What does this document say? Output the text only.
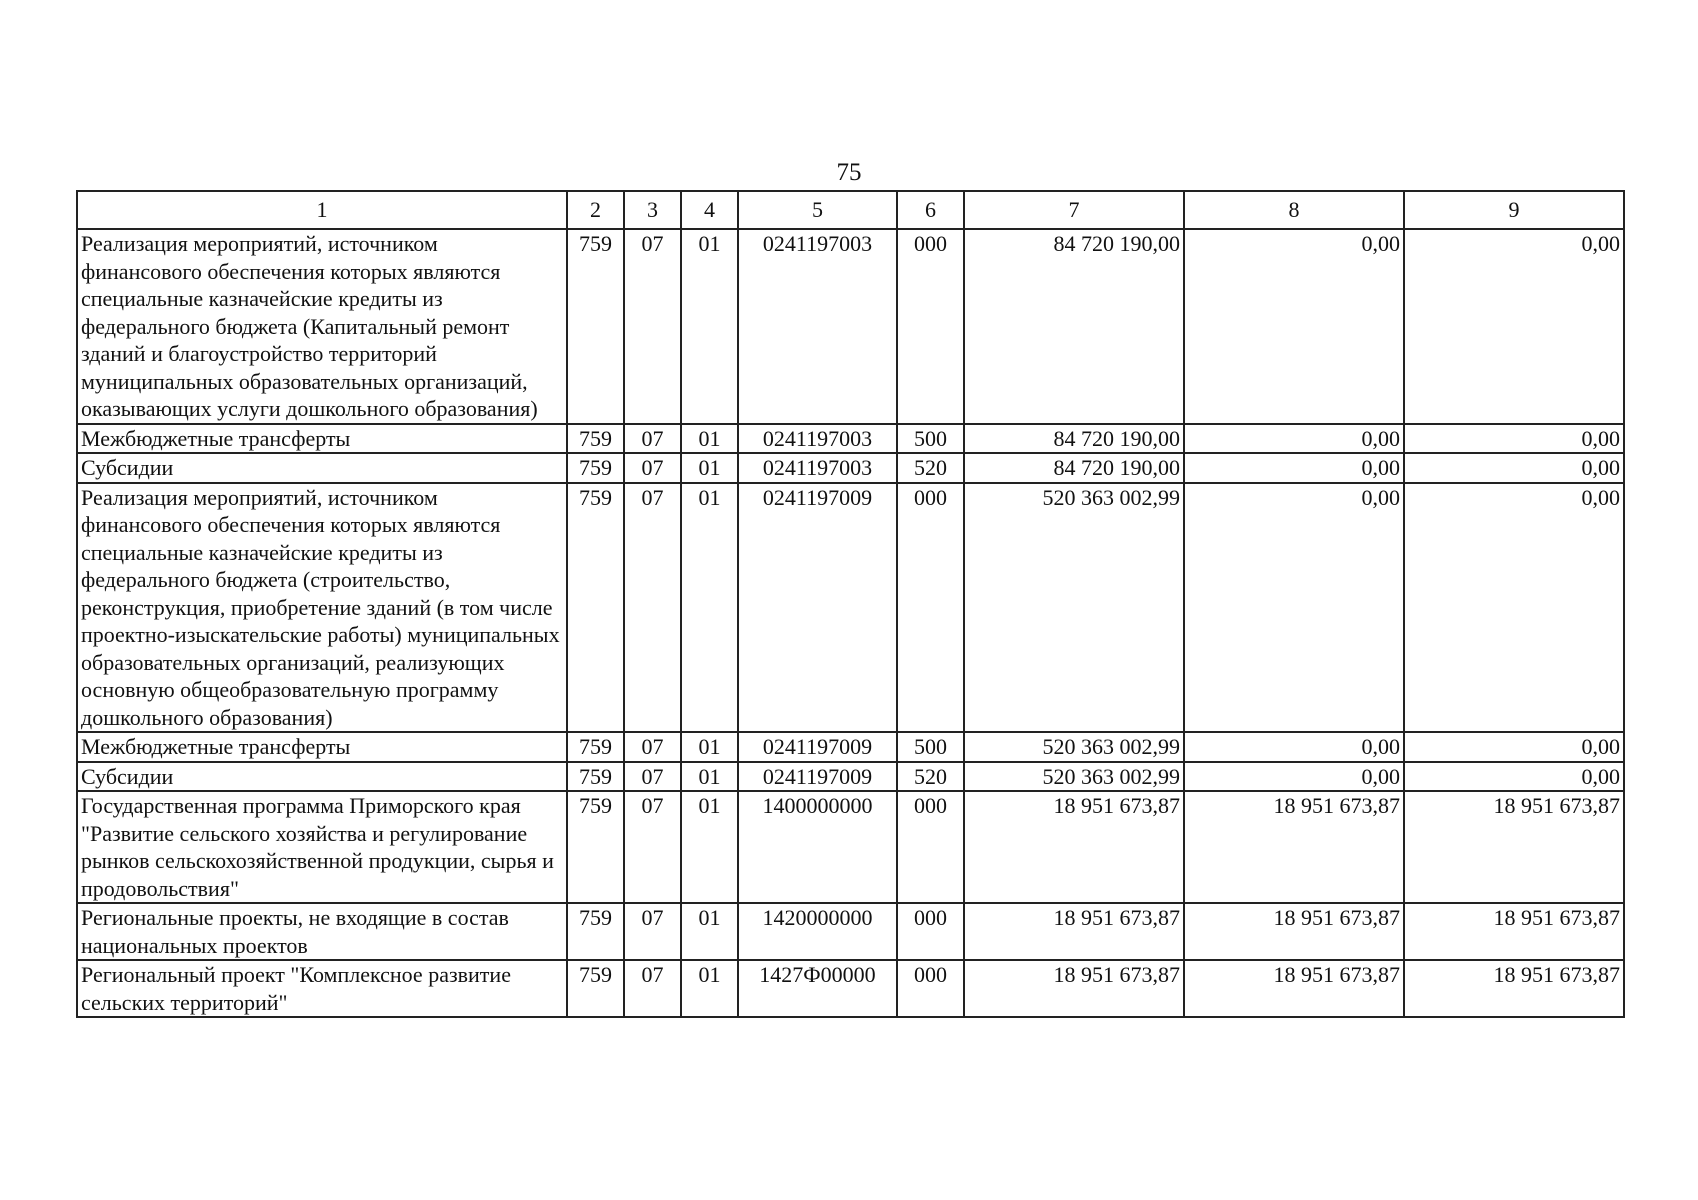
75
1	2	3	4	5	6	7	8	9
Реализация мероприятий, источником финансового обеспечения которых являются специальные казначейские кредиты из федерального бюджета (Капитальный ремонт зданий и благоустройство территорий муниципальных образовательных организаций, оказывающих услуги дошкольного образования)	759	07	01	0241197003	000	84 720 190,00	0,00	0,00
Межбюджетные трансферты	759	07	01	0241197003	500	84 720 190,00	0,00	0,00
Субсидии	759	07	01	0241197003	520	84 720 190,00	0,00	0,00
Реализация мероприятий, источником финансового обеспечения которых являются специальные казначейские кредиты из федерального бюджета (строительство, реконструкция, приобретение зданий (в том числе проектно-изыскательские работы) муниципальных образовательных организаций, реализующих основную общеобразовательную программу дошкольного образования)	759	07	01	0241197009	000	520 363 002,99	0,00	0,00
Межбюджетные трансферты	759	07	01	0241197009	500	520 363 002,99	0,00	0,00
Субсидии	759	07	01	0241197009	520	520 363 002,99	0,00	0,00
Государственная программа Приморского края "Развитие сельского хозяйства и регулирование рынков сельскохозяйственной продукции, сырья и продовольствия"	759	07	01	1400000000	000	18 951 673,87	18 951 673,87	18 951 673,87
Региональные проекты, не входящие в состав национальных проектов	759	07	01	1420000000	000	18 951 673,87	18 951 673,87	18 951 673,87
Региональный проект "Комплексное развитие сельских территорий"	759	07	01	1427Ф00000	000	18 951 673,87	18 951 673,87	18 951 673,87
